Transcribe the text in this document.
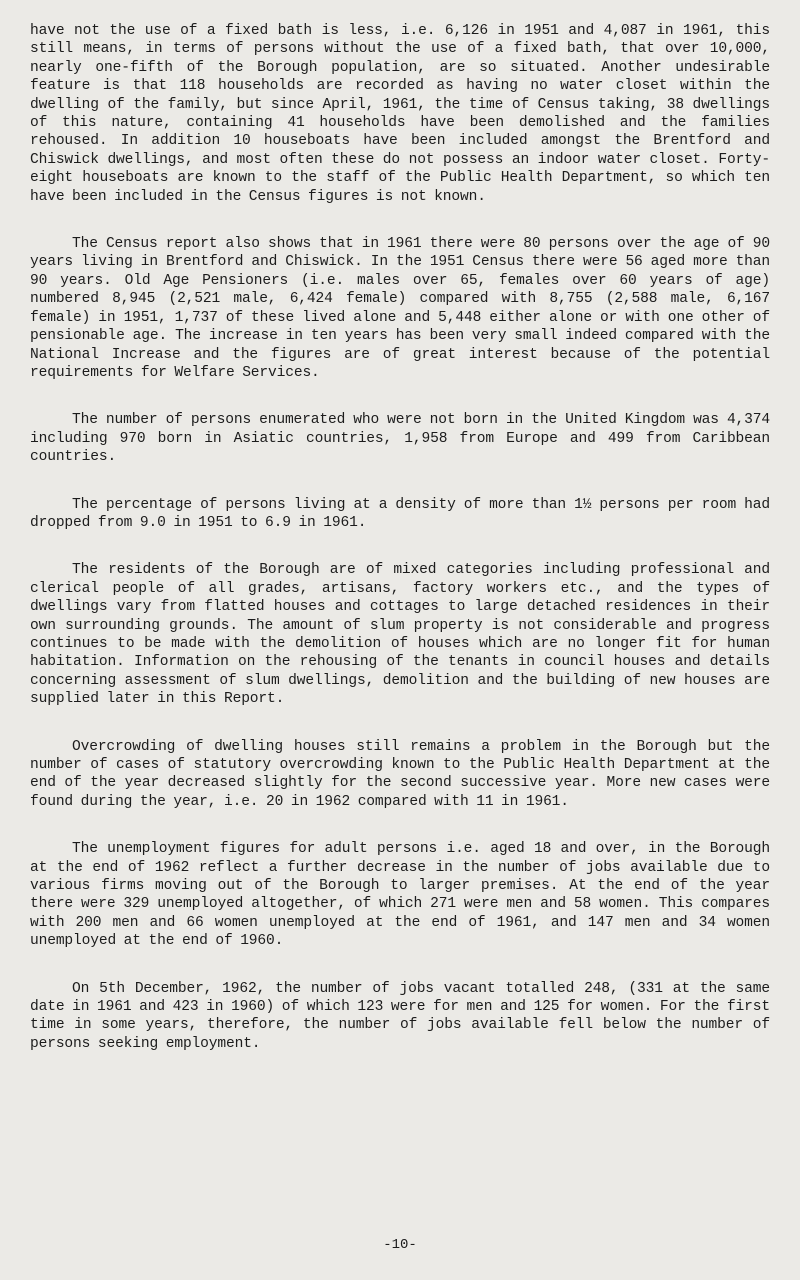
have not the use of a fixed bath is less, i.e. 6,126 in 1951 and 4,087 in 1961, this still means, in terms of persons without the use of a fixed bath, that over 10,000, nearly one-fifth of the Borough population, are so situated. Another undesirable feature is that 118 households are recorded as having no water closet within the dwelling of the family, but since April, 1961, the time of Census taking, 38 dwellings of this nature, containing 41 households have been demolished and the families rehoused. In addition 10 houseboats have been included amongst the Brentford and Chiswick dwellings, and most often these do not possess an indoor water closet. Forty-eight houseboats are known to the staff of the Public Health Department, so which ten have been included in the Census figures is not known.

The Census report also shows that in 1961 there were 80 persons over the age of 90 years living in Brentford and Chiswick. In the 1951 Census there were 56 aged more than 90 years. Old Age Pensioners (i.e. males over 65, females over 60 years of age) numbered 8,945 (2,521 male, 6,424 female) compared with 8,755 (2,588 male, 6,167 female) in 1951, 1,737 of these lived alone and 5,448 either alone or with one other of pensionable age. The increase in ten years has been very small indeed compared with the National Increase and the figures are of great interest because of the potential requirements for Welfare Services.

The number of persons enumerated who were not born in the United Kingdom was 4,374 including 970 born in Asiatic countries, 1,958 from Europe and 499 from Caribbean countries.

The percentage of persons living at a density of more than 1½ persons per room had dropped from 9.0 in 1951 to 6.9 in 1961.

The residents of the Borough are of mixed categories including professional and clerical people of all grades, artisans, factory workers etc., and the types of dwellings vary from flatted houses and cottages to large detached residences in their own surrounding grounds. The amount of slum property is not considerable and progress continues to be made with the demolition of houses which are no longer fit for human habitation. Information on the rehousing of the tenants in council houses and details concerning assessment of slum dwellings, demolition and the building of new houses are supplied later in this Report.

Overcrowding of dwelling houses still remains a problem in the Borough but the number of cases of statutory overcrowding known to the Public Health Department at the end of the year decreased slightly for the second successive year. More new cases were found during the year, i.e. 20 in 1962 compared with 11 in 1961.

The unemployment figures for adult persons i.e. aged 18 and over, in the Borough at the end of 1962 reflect a further decrease in the number of jobs available due to various firms moving out of the Borough to larger premises. At the end of the year there were 329 unemployed altogether, of which 271 were men and 58 women. This compares with 200 men and 66 women unemployed at the end of 1961, and 147 men and 34 women unemployed at the end of 1960.

On 5th December, 1962, the number of jobs vacant totalled 248, (331 at the same date in 1961 and 423 in 1960) of which 123 were for men and 125 for women. For the first time in some years, therefore, the number of jobs available fell below the number of persons seeking employment.

-10-
